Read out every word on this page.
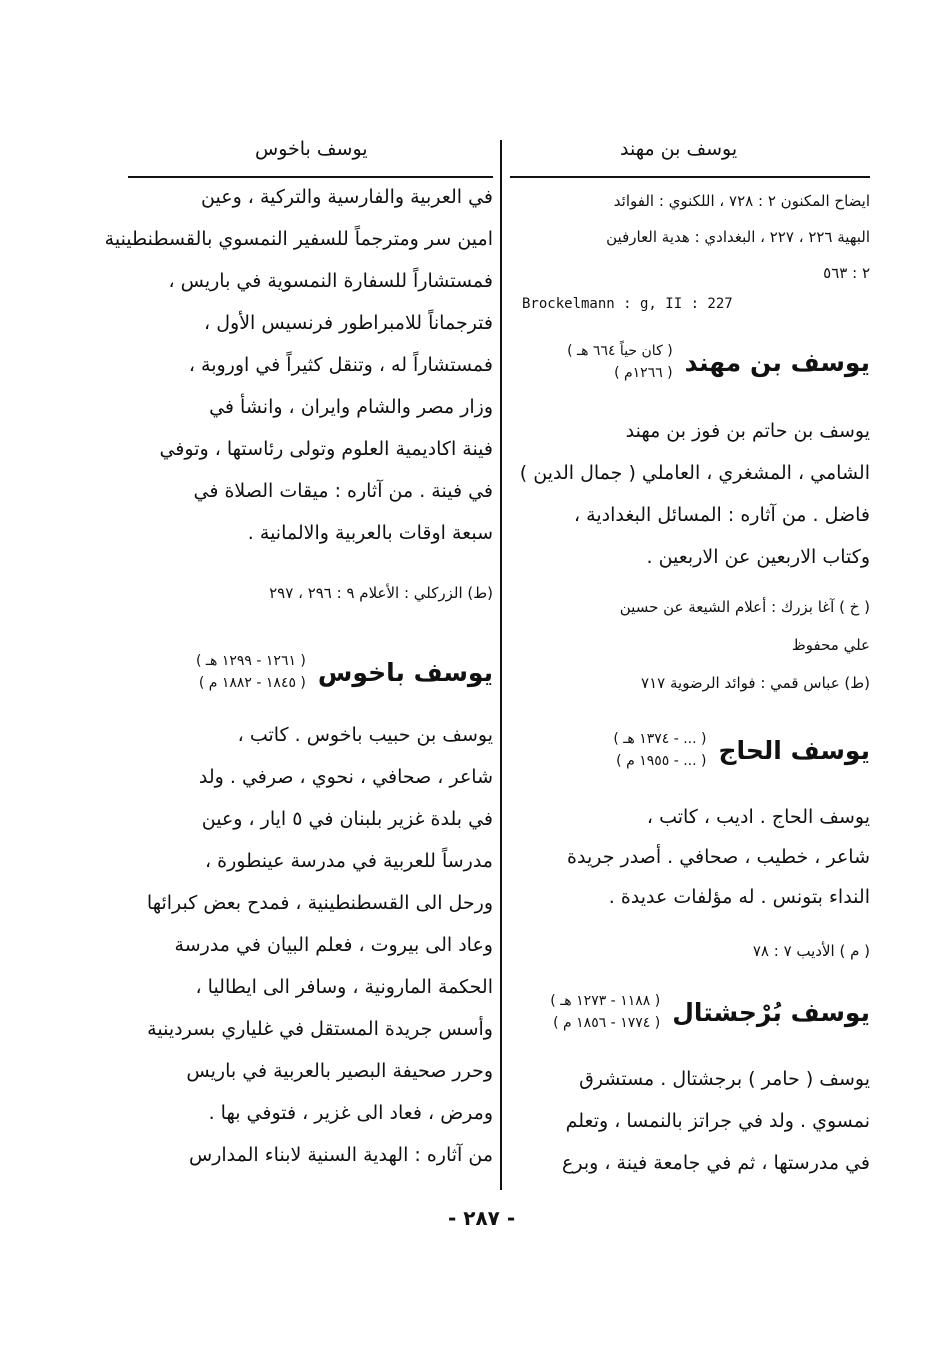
يوسف بن مهند
يوسف باخوس
ايضاح المكنون ٢ : ٧٢٨ ، اللكنوي : الفوائد
البهية ٢٢٦ ، ٢٢٧ ، البغدادي : هدية العارفين
٢ : ٥٦٣
Brockelmann : g, II : 227
يوسف بن مهند
( كان حياً ٦٦٤ هـ )
( ١٢٦٦م )
يوسف بن حاتم بن فوز بن مهند
الشامي ، المشغري ، العاملي ( جمال الدين )
فاضل . من آثاره : المسائل البغدادية ،
وكتاب الاربعين عن الاربعين .
( خ ) آغا بزرك : أعلام الشيعة عن حسين
علي محفوظ
(ط) عباس قمي : فوائد الرضوية ٧١٧
يوسف الحاج
( ... - ١٣٧٤ هـ )
( ... - ١٩٥٥ م )
يوسف الحاج . اديب ، كاتب ،
شاعر ، خطيب ، صحافي . أصدر جريدة
النداء بتونس . له مؤلفات عديدة .
( م ) الأديب ٧ : ٧٨
يوسف بُرْجشتال
( ١١٨٨ - ١٢٧٣ هـ )
( ١٧٧٤ - ١٨٥٦ م )
يوسف ( حامر ) برجشتال . مستشرق
نمسوي . ولد في جراتز بالنمسا ، وتعلم
في مدرستها ، ثم في جامعة فينة ، وبرع
في العربية والفارسية والتركية ، وعين
امين سر ومترجماً للسفير النمسوي بالقسطنطينية
فمستشاراً للسفارة النمسوية في باريس ،
فترجماناً للامبراطور فرنسيس الأول ،
فمستشاراً له ، وتنقل كثيراً في اوروبة ،
وزار مصر والشام وايران ، وانشأ في
فينة اكاديمية العلوم وتولى رئاستها ، وتوفي
في فينة . من آثاره : ميقات الصلاة في
سبعة اوقات بالعربية والالمانية .
(ط) الزركلي : الأعلام ٩ : ٢٩٦ ، ٢٩٧
يوسف باخوس
( ١٢٦١ - ١٢٩٩ هـ )
( ١٨٤٥ - ١٨٨٢ م )
يوسف بن حبيب باخوس . كاتب ،
شاعر ، صحافي ، نحوي ، صرفي . ولد
في بلدة غزير بلبنان في ٥ ايار ، وعين
مدرساً للعربية في مدرسة عينطورة ،
ورحل الى القسطنطينية ، فمدح بعض كبرائها
وعاد الى بيروت ، فعلم البيان في مدرسة
الحكمة المارونية ، وسافر الى ايطاليا ،
وأسس جريدة المستقل في غلياري بسردينية
وحرر صحيفة البصير بالعربية في باريس
ومرض ، فعاد الى غزير ، فتوفي بها .
من آثاره : الهدية السنية لابناء المدارس
- ٢٨٧ -
